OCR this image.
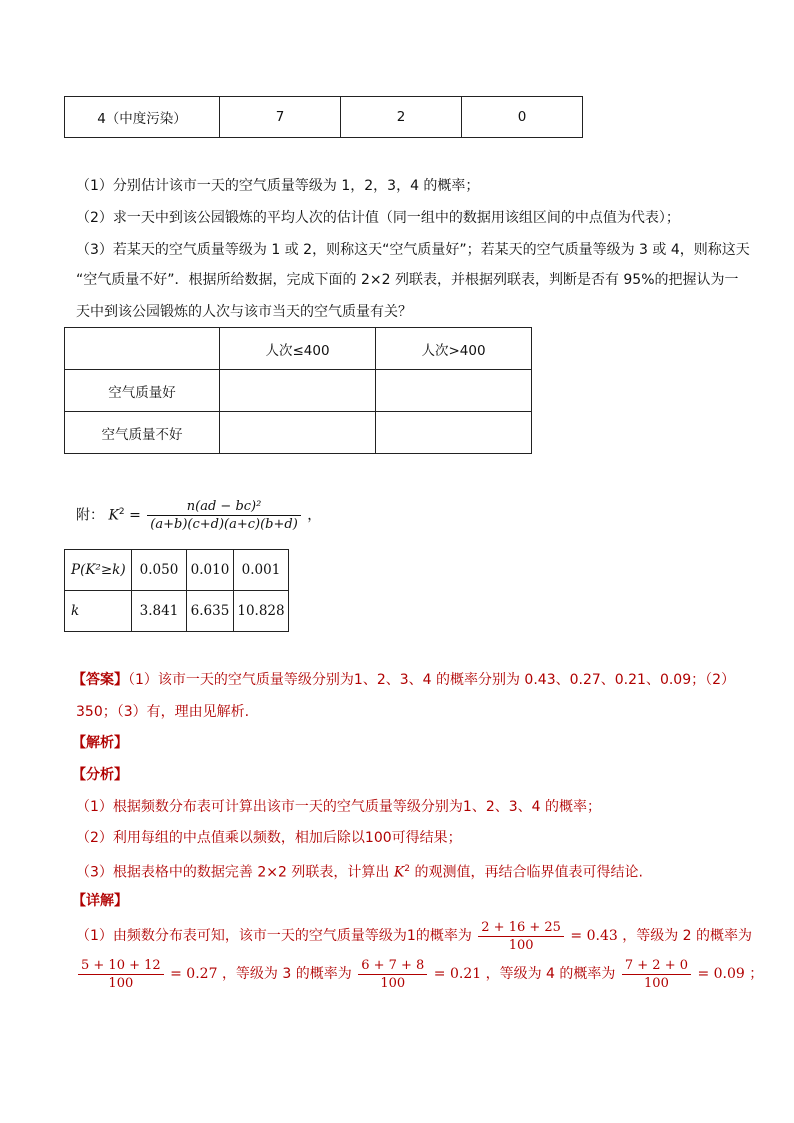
4（中度污染）	7	2	0
（1）分别估计该市一天的空气质量等级为 1，2，3，4 的概率；
（2）求一天中到该公园锻炼的平均人次的估计值（同一组中的数据用该组区间的中点值为代表）；
（3）若某天的空气质量等级为 1 或 2，则称这天“空气质量好”；若某天的空气质量等级为 3 或 4，则称这天
“空气质量不好”．根据所给数据，完成下面的 2×2 列联表，并根据列联表，判断是否有 95%的把握认为一
天中到该公园锻炼的人次与该市当天的空气质量有关？
	人次≤400	人次>400
空气质量好		
空气质量不好		
附： $K^2 = \frac{\text{n(ad − bc)²}}{(a+b)(c+d)(a+c)(b+d)}$ ，
P(K²≥k)	0.050	0.010	0.001
k	3.841	6.635	10.828
【答案】（1）该市一天的空气质量等级分别为1、2、3、4 的概率分别为 0.43、0.27、0.21、0.09；（2）
350；（3）有，理由见解析.
【解析】
【分析】
（1）根据频数分布表可计算出该市一天的空气质量等级分别为1、2、3、4 的概率；
（2）利用每组的中点值乘以频数，相加后除以100可得结果；
（3）根据表格中的数据完善 2×2 列联表，计算出 $K^2$ 的观测值，再结合临界值表可得结论.
【详解】
（1）由频数分布表可知，该市一天的空气质量等级为1的概率为 $\frac{2 + 16 + 25}{100} = 0.43$ ，等级为 2 的概率为
$\frac{5 + 10 + 12}{100} = 0.27$ ，等级为 3 的概率为 $\frac{6 + 7 + 8}{100} = 0.21$ ，等级为 4 的概率为 $\frac{7 + 2 + 0}{100} = 0.09$ ；
